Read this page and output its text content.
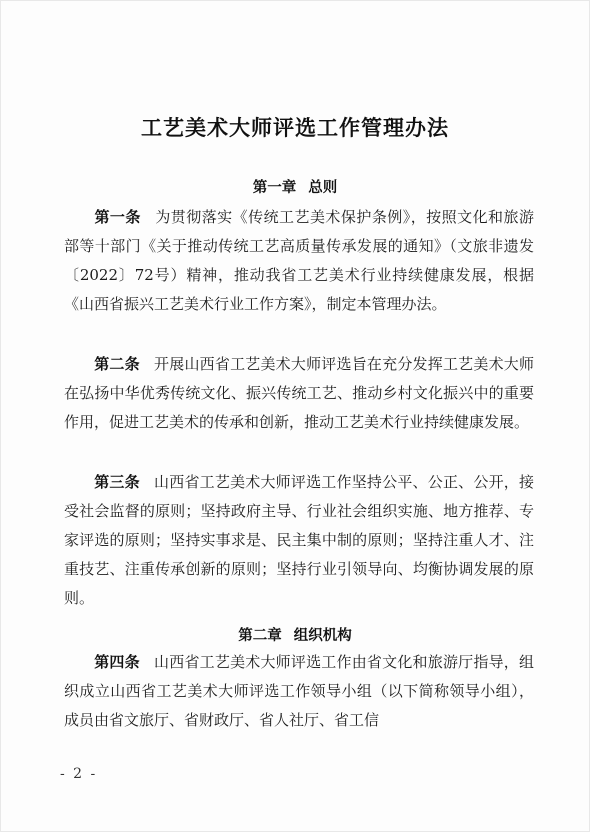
工艺美术大师评选工作管理办法
第一章 总则
第一条 为贯彻落实《传统工艺美术保护条例》，按照文化和旅游部等十部门《关于推动传统工艺高质量传承发展的通知》（文旅非遗发〔2022〕72号）精神，推动我省工艺美术行业持续健康发展，根据《山西省振兴工艺美术行业工作方案》，制定本管理办法。
第二条 开展山西省工艺美术大师评选旨在充分发挥工艺美术大师在弘扬中华优秀传统文化、振兴传统工艺、推动乡村文化振兴中的重要作用，促进工艺美术的传承和创新，推动工艺美术行业持续健康发展。
第三条 山西省工艺美术大师评选工作坚持公平、公正、公开，接受社会监督的原则；坚持政府主导、行业社会组织实施、地方推荐、专家评选的原则；坚持实事求是、民主集中制的原则；坚持注重人才、注重技艺、注重传承创新的原则；坚持行业引领导向、均衡协调发展的原则。
第二章 组织机构
第四条 山西省工艺美术大师评选工作由省文化和旅游厅指导，组织成立山西省工艺美术大师评选工作领导小组（以下简称领导小组），成员由省文旅厅、省财政厅、省人社厅、省工信
- 2 -
